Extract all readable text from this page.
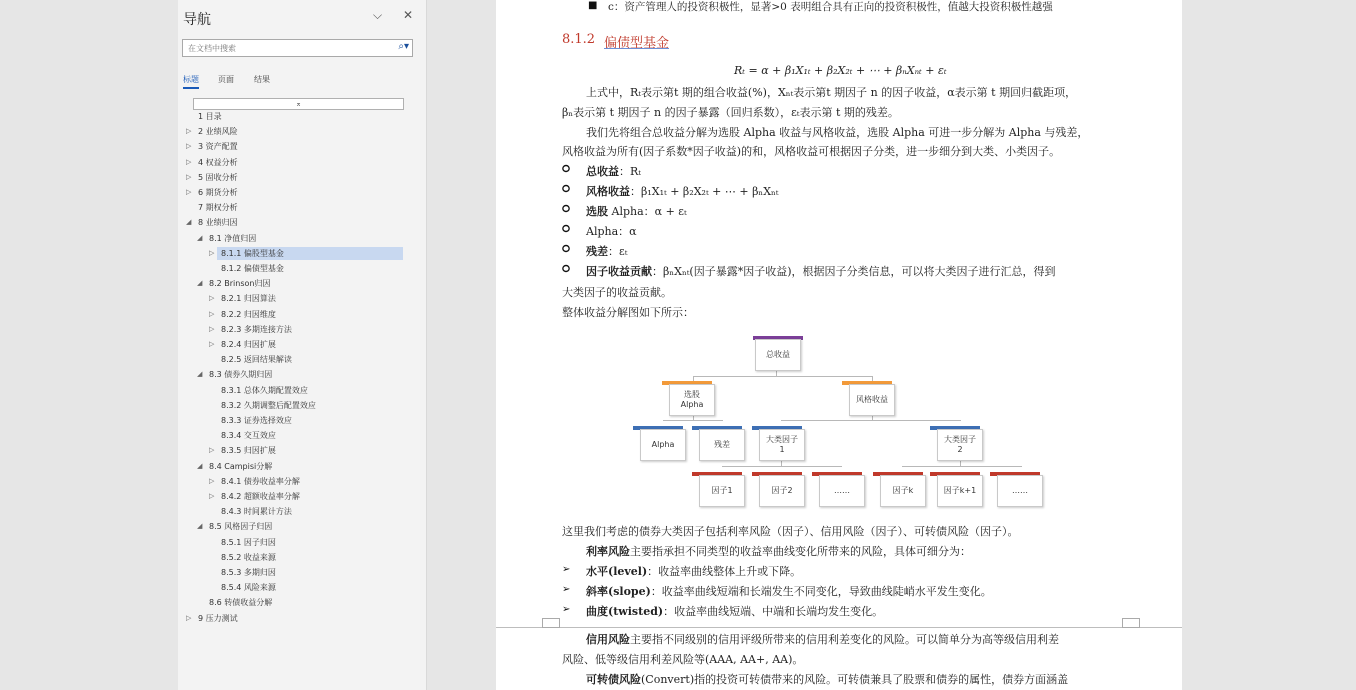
导航	⌵ ✕
在文档中搜索	⌕▾
标题 页面	结果
⌅
1 目录
▷ 2 业绩风险
▷ 3 资产配置
▷ 4 权益分析
▷ 5 固收分析
▷ 6 期货分析
7 期权分析
◢ 8 业绩归因
◢ 8.1 净值归因
▷ 8.1.1 偏股型基金
8.1.2 偏债型基金
◢ 8.2 Brinson归因
▷ 8.2.1 归因算法
▷ 8.2.2 归因维度
▷ 8.2.3 多期连接方法
▷ 8.2.4 归因扩展
8.2.5 返回结果解读
◢ 8.3 债券久期归因
8.3.1 总体久期配置效应
8.3.2 久期调整后配置效应
8.3.3 证券选择效应
8.3.4 交互效应
▷ 8.3.5 归因扩展
◢ 8.4 Campisi分解
▷ 8.4.1 债券收益率分解
▷ 8.4.2 超额收益率分解
8.4.3 时间累计方法
◢ 8.5 风格因子归因
8.5.1 因子归因
8.5.2 收益来源
8.5.3 多期归因
8.5.4 风险来源
8.6 转债收益分解
▷ 9 压力测试
■ c：资产管理人的投资积极性，显著>0 表明组合具有正向的投资积极性，值越大投资积极性越强
8.1.2 偏债型基金
Rₜ = α + β₁X₁ₜ + β₂X₂ₜ + ⋯ + βₙXₙₜ + εₜ
上式中，Rₜ表示第t 期的组合收益(%)，Xₙₜ表示第t 期因子 n 的因子收益，α表示第 t 期回归截距项，
βₙ表示第 t 期因子 n 的因子暴露（回归系数），εₜ表示第 t 期的残差。
我们先将组合总收益分解为选股 Alpha 收益与风格收益，选股 Alpha 可进一步分解为 Alpha 与残差，
风格收益为所有(因子系数*因子收益)的和，风格收益可根据因子分类，进一步细分到大类、小类因子。
⭘ 总收益：Rₜ
⭘ 风格收益：β₁X₁ₜ + β₂X₂ₜ + ⋯ + βₙXₙₜ
⭘ 选股 Alpha：α + εₜ
⭘ Alpha：α
⭘ 残差：εₜ
⭘ 因子收益贡献：βₙXₙₜ(因子暴露*因子收益)，根据因子分类信息，可以将大类因子进行汇总，得到
大类因子的收益贡献。
整体收益分解图如下所示：
总收益
选股
Alpha
风格收益
Alpha	残差
大类因子
1
大类因子
2
因子1	因子2	……	因子k	因子k+1	……
这里我们考虑的债券大类因子包括利率风险（因子）、信用风险（因子）、可转债风险（因子）。
利率风险主要指承担不同类型的收益率曲线变化所带来的风险，具体可细分为：
➢ 水平(level)：收益率曲线整体上升或下降。
➢ 斜率(slope)：收益率曲线短端和长端发生不同变化，导致曲线陡峭水平发生变化。
➢ 曲度(twisted)：收益率曲线短端、中端和长端均发生变化。
信用风险主要指不同级别的信用评级所带来的信用利差变化的风险。可以简单分为高等级信用利差
风险、低等级信用利差风险等(AAA, AA+, AA)。
可转债风险(Convert)指的投资可转债带来的风险。可转债兼具了股票和债券的属性，债券方面涵盖
